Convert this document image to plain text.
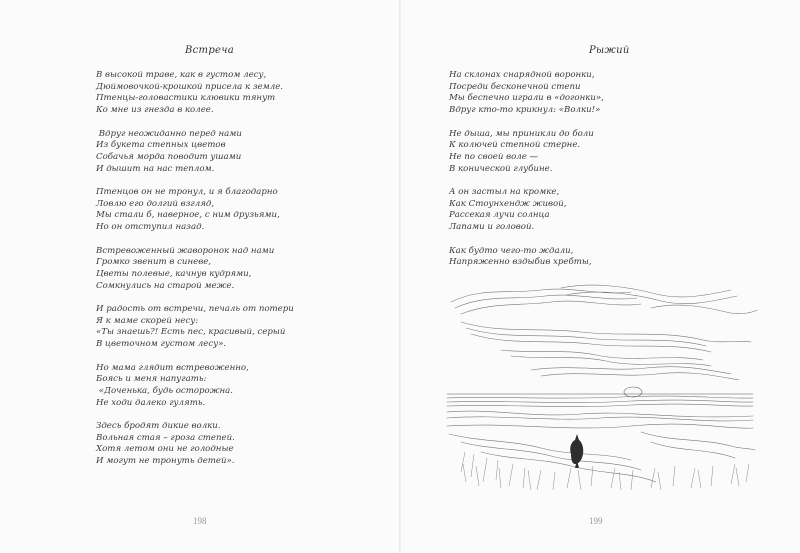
Встреча
В высокой траве, как в густом лесу,
Дюймовочкой-крошкой присела к земле.
Птенцы-головастики клювики тянут
Ко мне из гнезда в колее.
Вдруг неожиданно перед нами
Из букета степных цветов
Собачья морда поводит ушами
И дышит на нас теплом.
Птенцов он не тронул, и я благодарно
Ловлю его долгий взгляд,
Мы стали б, наверное, с ним друзьями,
Но он отступил назад.
Встревоженный жаворонок над нами
Громко звенит в синеве,
Цветы полевые, качнув кудрями,
Сомкнулись на старой меже.
И радость от встречи, печаль от потери
Я к маме скорей несу:
«Ты знаешь?! Есть пес, красивый, серый
В цветочном густом лесу».
Но мама глядит встревоженно,
Боясь и меня напугать:
«Доченька, будь осторожна.
Не ходи далеко гулять.
Здесь бродят дикие волки.
Вольная стая – гроза степей.
Хотя летом они не голодные
И могут не тронуть детей».
198
Рыжий
На склонах снарядной воронки,
Посреди бесконечной степи
Мы беспечно играли в «догонки»,
Вдруг кто-то крикнул: «Волки!»
Не дыша, мы приникли до боли
К колючей степной стерне.
Не по своей воле —
В конической глубине.
А он застыл на кромке,
Как Стоунхендж живой,
Рассекая лучи солнца
Лапами и головой.
Как будто чего-то ждали,
Напряженно вздыбив хребты,
199
